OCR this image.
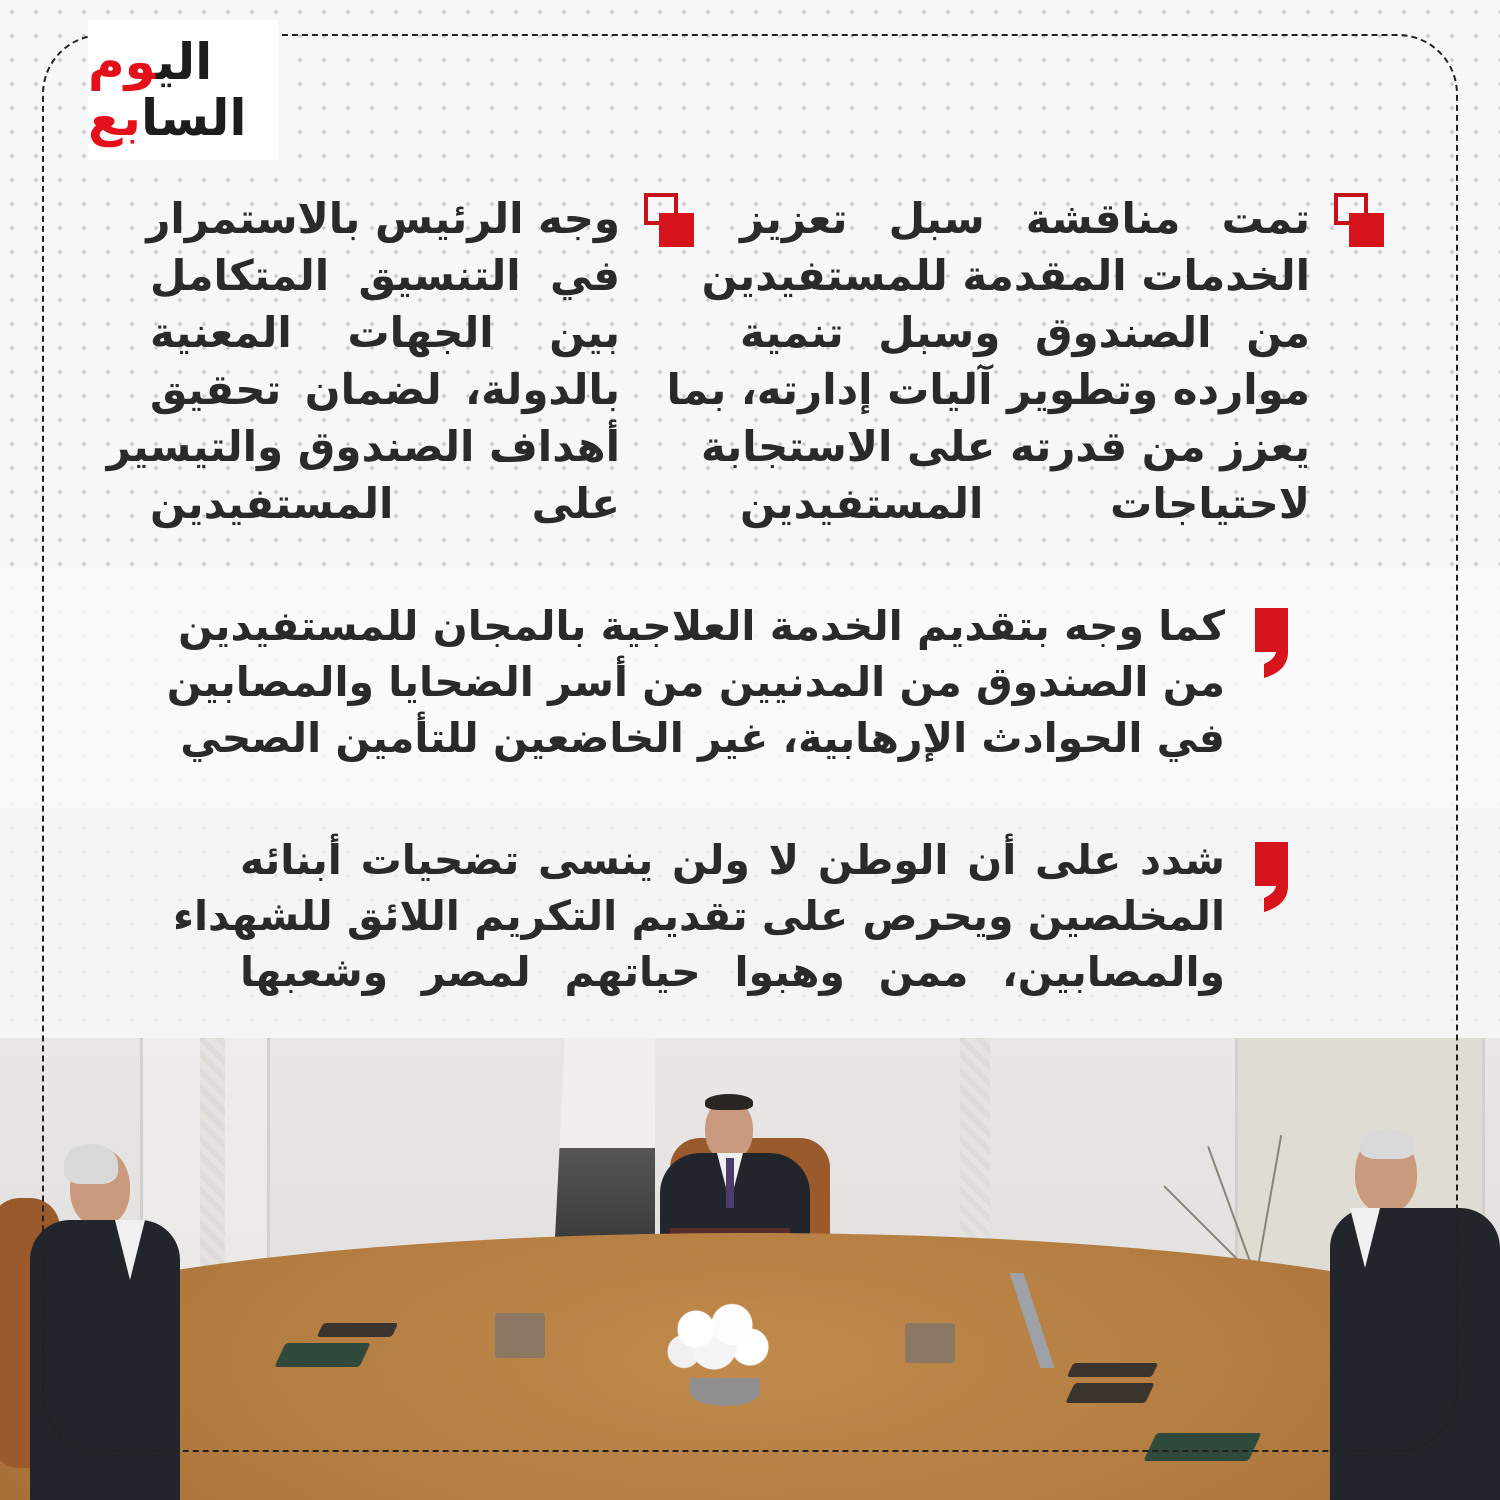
اليوم
السابع
تمت مناقشة سبل تعزيز
الخدمات المقدمة للمستفيدين
من الصندوق وسبل تنمية
موارده وتطوير آليات إدارته، بما
يعزز من قدرته على الاستجابة
لاحتياجات المستفيدين
وجه الرئيس بالاستمرار
في التنسيق المتكامل
بين الجهات المعنية
بالدولة، لضمان تحقيق
أهداف الصندوق والتيسير
على المستفيدين
كما وجه بتقديم الخدمة العلاجية بالمجان للمستفيدين
من الصندوق من المدنيين من أسر الضحايا والمصابين
في الحوادث الإرهابية، غير الخاضعين للتأمين الصحي
شدد على أن الوطن لا ولن ينسى تضحيات أبنائه
المخلصين ويحرص على تقديم التكريم اللائق للشهداء
والمصابين، ممن وهبوا حياتهم لمصر وشعبها
